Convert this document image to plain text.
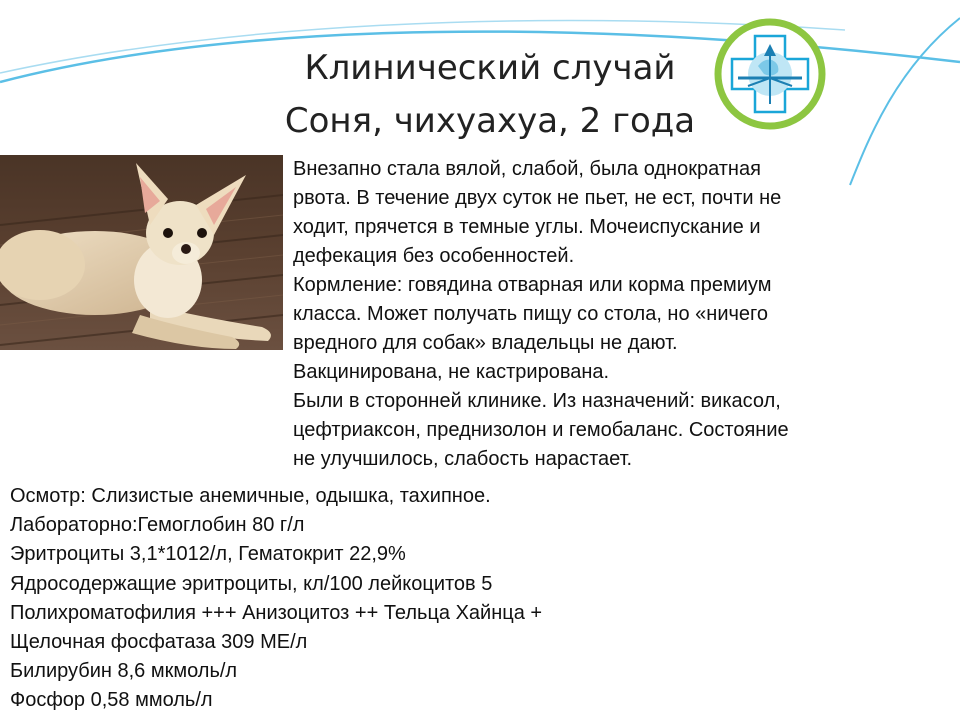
Клинический случай
Соня, чихуахуа, 2 года
Внезапно стала вялой, слабой, была однократная
рвота. В течение двух суток не пьет, не ест, почти не
ходит, прячется в темные углы. Мочеиспускание и
дефекация без особенностей.
Кормление: говядина отварная или корма премиум
класса. Может получать пищу со стола, но «ничего
вредного для собак» владельцы не дают.
Вакцинирована, не кастрирована.
Были в сторонней клинике. Из назначений: викасол,
цефтриаксон, преднизолон и гемобаланс. Состояние
не улучшилось, слабость нарастает.
Осмотр: Слизистые анемичные, одышка, тахипное.
Лабораторно:Гемоглобин 80 г/л
Эритроциты 3,1*1012/л, Гематокрит 22,9%
Ядросодержащие эритроциты, кл/100 лейкоцитов 5
Полихроматофилия +++ Анизоцитоз ++ Тельца Хайнца +
Щелочная фосфатаза 309 МЕ/л
Билирубин 8,6 мкмоль/л
Фосфор 0,58 ммоль/л
